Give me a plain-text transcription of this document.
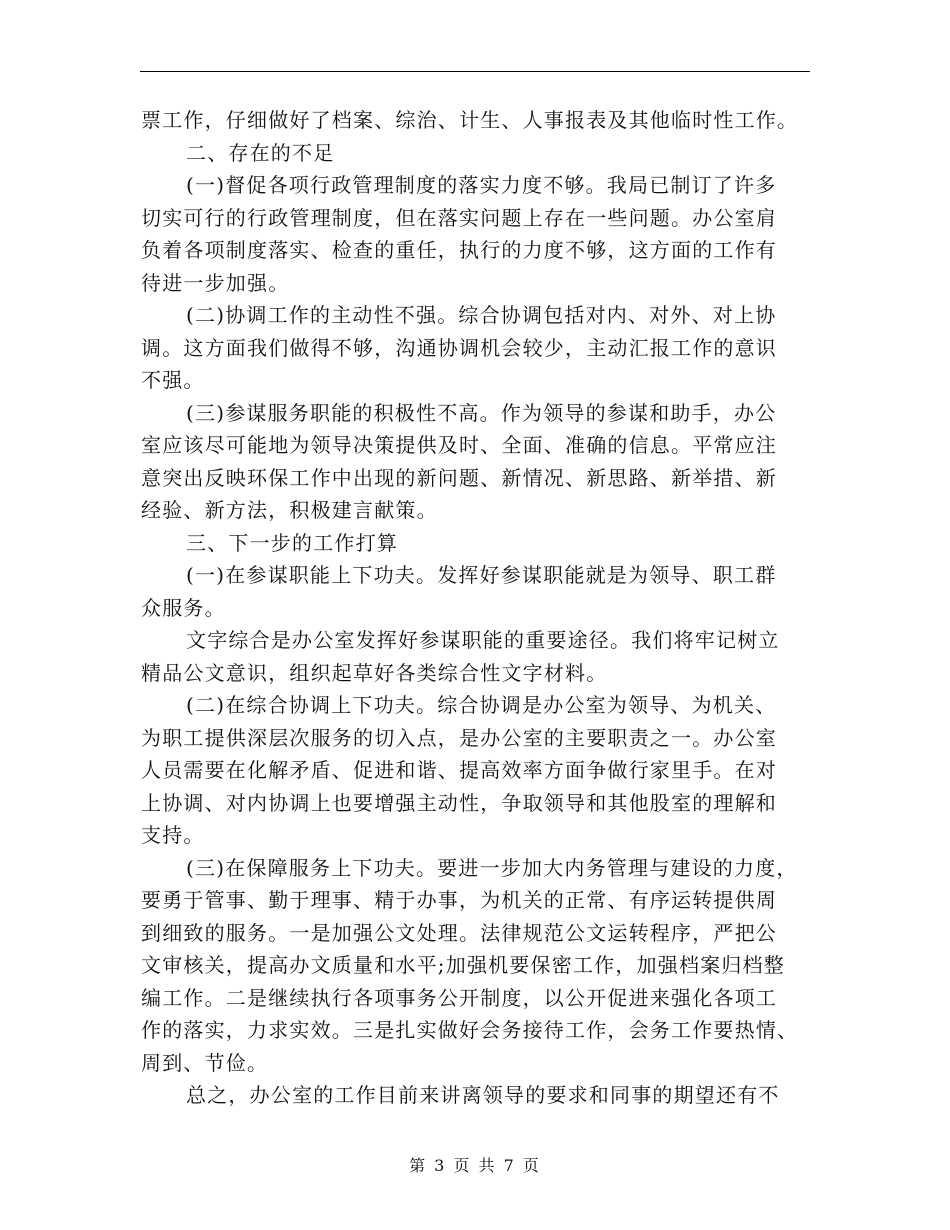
票工作，仔细做好了档案、综治、计生、人事报表及其他临时性工作。
二、存在的不足
(一)督促各项行政管理制度的落实力度不够。我局已制订了许多
切实可行的行政管理制度，但在落实问题上存在一些问题。办公室肩
负着各项制度落实、检查的重任，执行的力度不够，这方面的工作有
待进一步加强。
(二)协调工作的主动性不强。综合协调包括对内、对外、对上协
调。这方面我们做得不够，沟通协调机会较少，主动汇报工作的意识
不强。
(三)参谋服务职能的积极性不高。作为领导的参谋和助手，办公
室应该尽可能地为领导决策提供及时、全面、准确的信息。平常应注
意突出反映环保工作中出现的新问题、新情况、新思路、新举措、新
经验、新方法，积极建言献策。
三、下一步的工作打算
(一)在参谋职能上下功夫。发挥好参谋职能就是为领导、职工群
众服务。
文字综合是办公室发挥好参谋职能的重要途径。我们将牢记树立
精品公文意识，组织起草好各类综合性文字材料。
(二)在综合协调上下功夫。综合协调是办公室为领导、为机关、
为职工提供深层次服务的切入点，是办公室的主要职责之一。办公室
人员需要在化解矛盾、促进和谐、提高效率方面争做行家里手。在对
上协调、对内协调上也要增强主动性，争取领导和其他股室的理解和
支持。
(三)在保障服务上下功夫。要进一步加大内务管理与建设的力度，
要勇于管事、勤于理事、精于办事，为机关的正常、有序运转提供周
到细致的服务。一是加强公文处理。法律规范公文运转程序，严把公
文审核关，提高办文质量和水平;加强机要保密工作，加强档案归档整
编工作。二是继续执行各项事务公开制度，以公开促进来强化各项工
作的落实，力求实效。三是扎实做好会务接待工作，会务工作要热情、
周到、节俭。
总之，办公室的工作目前来讲离领导的要求和同事的期望还有不
第 3 页 共 7 页
